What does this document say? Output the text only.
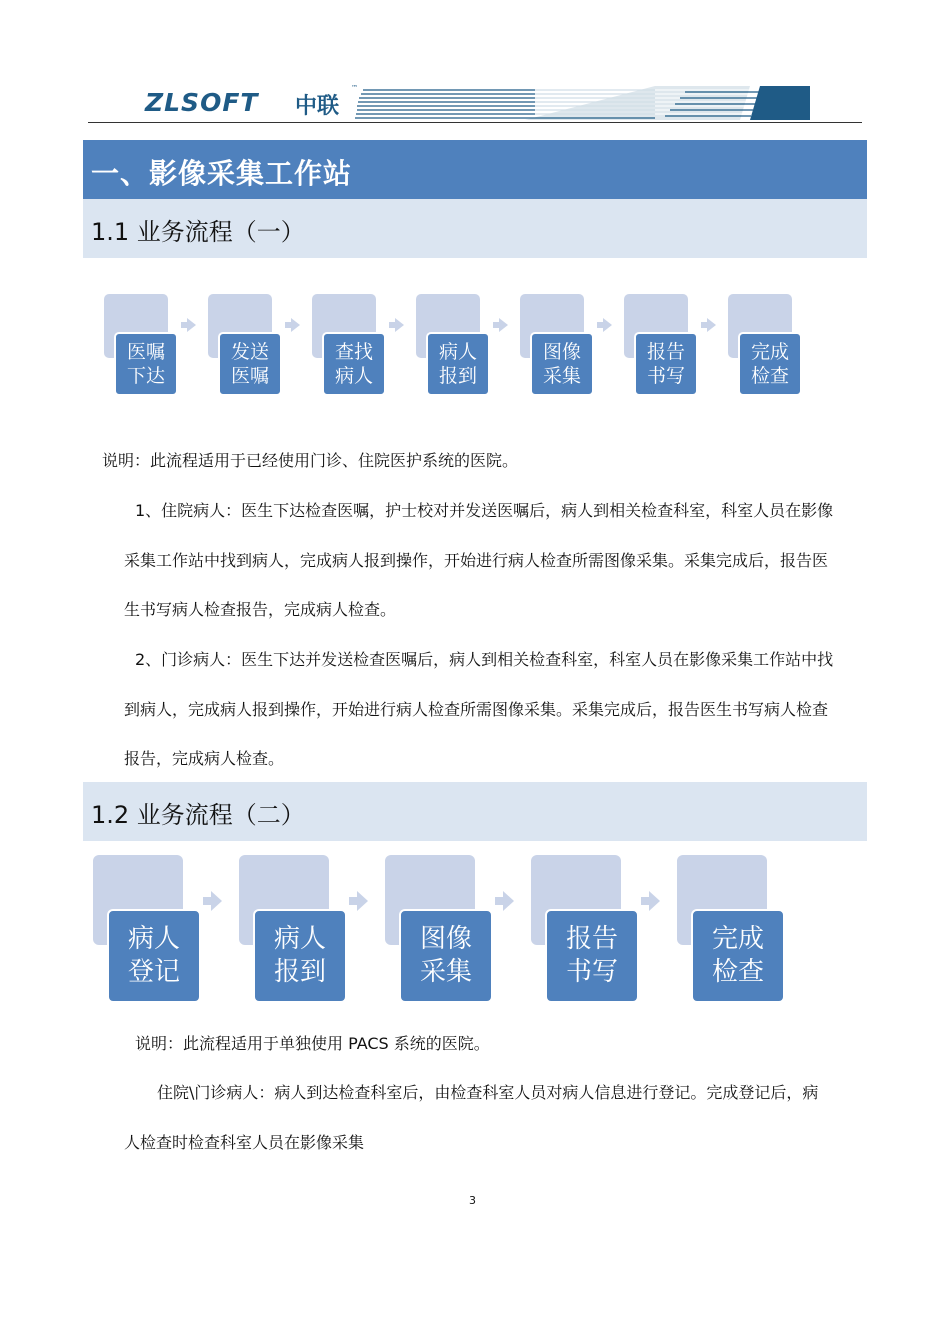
ZLSOFT 中联
™
一、影像采集工作站
1.1 业务流程（一）
医嘱
下达
发送
医嘱
查找
病人
病人
报到
图像
采集
报告
书写
完成
检查
说明：此流程适用于已经使用门诊、住院医护系统的医院。
1、住院病人：医生下达检查医嘱，护士校对并发送医嘱后，病人到相关检查科室，科室人员在影像
采集工作站中找到病人，完成病人报到操作，开始进行病人检查所需图像采集。采集完成后，报告医
生书写病人检查报告，完成病人检查。
2、门诊病人：医生下达并发送检查医嘱后，病人到相关检查科室，科室人员在影像采集工作站中找
到病人，完成病人报到操作，开始进行病人检查所需图像采集。采集完成后，报告医生书写病人检查
报告，完成病人检查。
1.2 业务流程（二）
病人
登记
病人
报到
图像
采集
报告
书写
完成
检查
说明：此流程适用于单独使用 PACS 系统的医院。
住院\门诊病人：病人到达检查科室后，由检查科室人员对病人信息进行登记。完成登记后，病
人检查时检查科室人员在影像采集
3
